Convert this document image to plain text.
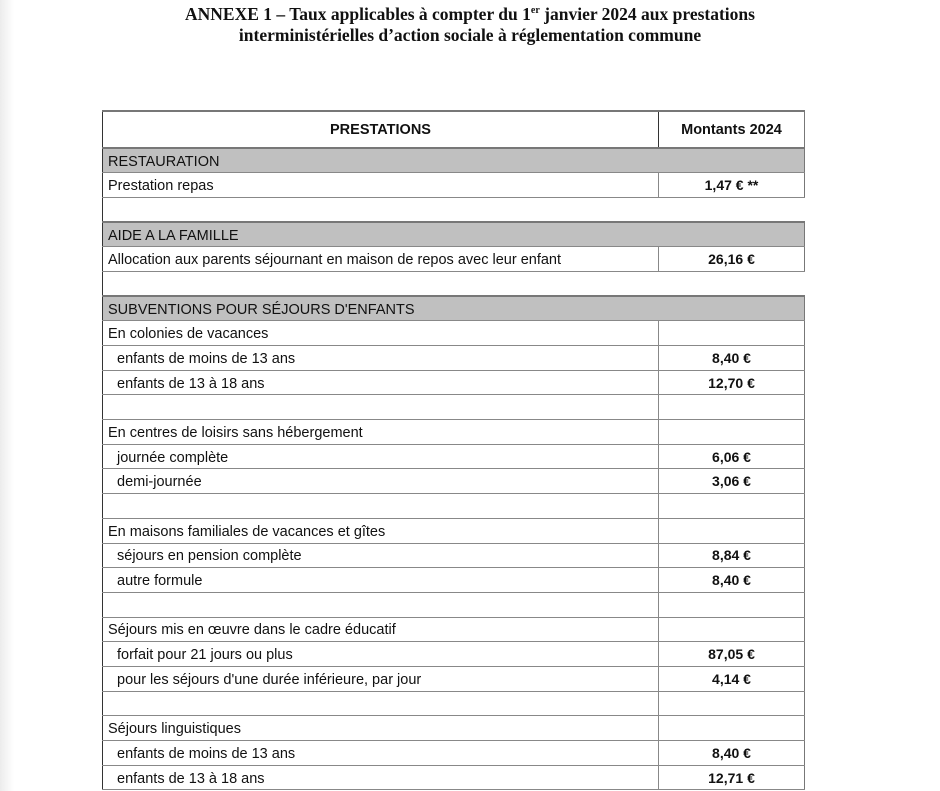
ANNEXE 1 – Taux applicables à compter du 1er janvier 2024 aux prestations
interministérielles d’action sociale à réglementation commune
PRESTATIONS	Montants 2024
RESTAURATION	
Prestation repas	1,47 € **

AIDE A LA FAMILLE	
Allocation aux parents séjournant en maison de repos avec leur enfant	26,16 €

SUBVENTIONS POUR SÉJOURS D'ENFANTS	
En colonies de vacances	
enfants de moins de 13 ans	8,40 €
enfants de 13 à 18 ans	12,70 €

En centres de loisirs sans hébergement	
journée complète	6,06 €
demi-journée	3,06 €

En maisons familiales de vacances et gîtes	
séjours en pension complète	8,84 €
autre formule	8,40 €

Séjours mis en œuvre dans le cadre éducatif	
forfait pour 21 jours ou plus	87,05 €
pour les séjours d'une durée inférieure, par jour	4,14 €

Séjours linguistiques	
enfants de moins de 13 ans	8,40 €
enfants de 13 à 18 ans	12,71 €
